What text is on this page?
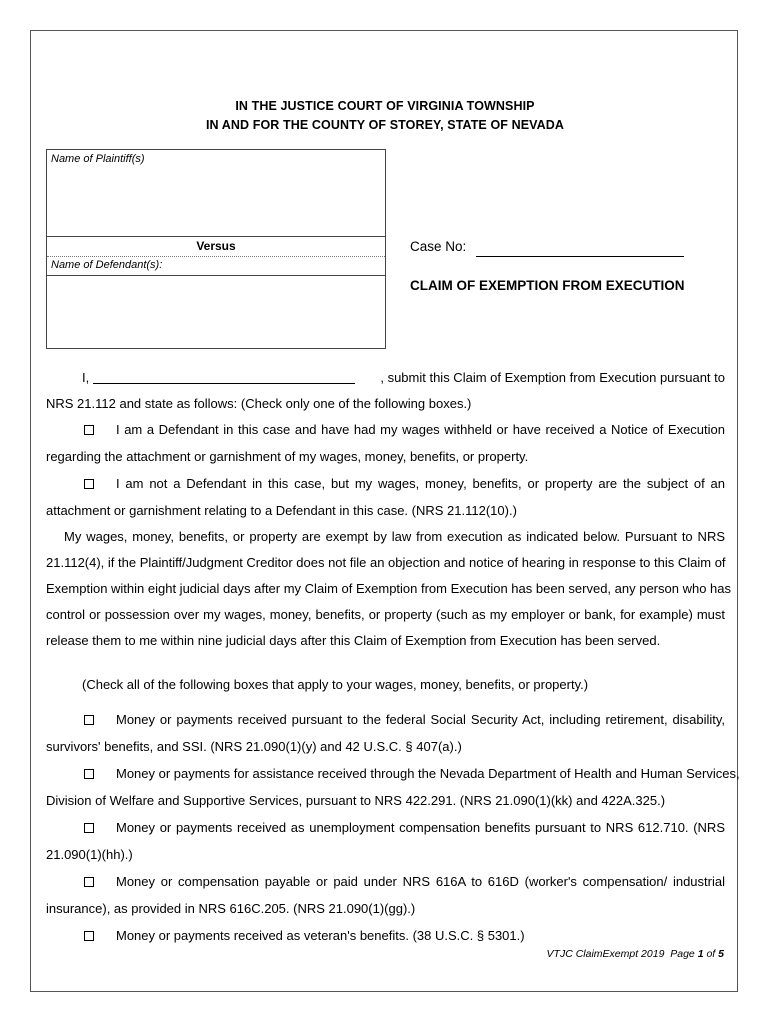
IN THE JUSTICE COURT OF VIRGINIA TOWNSHIP
IN AND FOR THE COUNTY OF STOREY, STATE OF NEVADA
Name of Plaintiff(s)
Versus
Name of Defendant(s):
Case No:
CLAIM OF EXEMPTION FROM EXECUTION
I,	, submit this Claim of Exemption from Execution pursuant to
NRS 21.112 and state as follows: (Check only one of the following boxes.)
I am a Defendant in this case and have had my wages withheld or have received a Notice of Execution
regarding the attachment or garnishment of my wages, money, benefits, or property.
I am not a Defendant in this case, but my wages, money, benefits, or property are the subject of an
attachment or garnishment relating to a Defendant in this case. (NRS 21.112(10).)
My wages, money, benefits, or property are exempt by law from execution as indicated below. Pursuant to NRS
21.112(4), if the Plaintiff/Judgment Creditor does not file an objection and notice of hearing in response to this Claim of
Exemption within eight judicial days after my Claim of Exemption from Execution has been served, any person who has
control or possession over my wages, money, benefits, or property (such as my employer or bank, for example) must
release them to me within nine judicial days after this Claim of Exemption from Execution has been served.
(Check all of the following boxes that apply to your wages, money, benefits, or property.)
Money or payments received pursuant to the federal Social Security Act, including retirement, disability,
survivors' benefits, and SSI. (NRS 21.090(1)(y) and 42 U.S.C. § 407(a).)
Money or payments for assistance received through the Nevada Department of Health and Human Services,
Division of Welfare and Supportive Services, pursuant to NRS 422.291. (NRS 21.090(1)(kk) and 422A.325.)
Money or payments received as unemployment compensation benefits pursuant to NRS 612.710. (NRS
21.090(1)(hh).)
Money or compensation payable or paid under NRS 616A to 616D (worker's compensation/ industrial
insurance), as provided in NRS 616C.205. (NRS 21.090(1)(gg).)
Money or payments received as veteran's benefits. (38 U.S.C. § 5301.)
VTJC ClaimExempt 2019 Page 1 of 5
